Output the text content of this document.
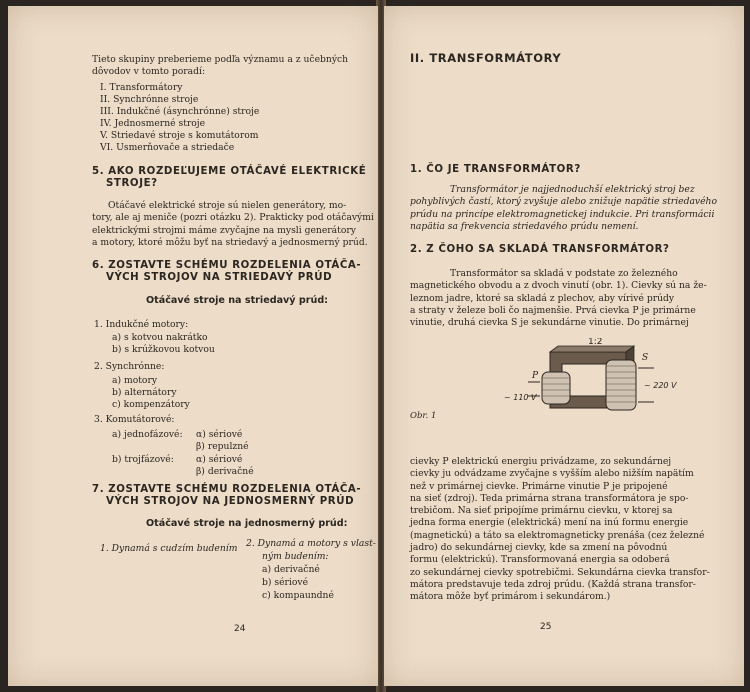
Tieto skupiny preberieme podľa významu a z učebných
dôvodov v tomto poradí:
I. Transformátory
II. Synchrónne stroje
III. Indukčné (ásynchrónne) stroje
IV. Jednosmerné stroje
V. Striedavé stroje s komutátorom
VI. Usmerňovače a striedače
5. AKO ROZDEĽUJEME OTÁČAVÉ ELEKTRICKÉ
STROJE?
Otáčavé elektrické stroje sú nielen generátory, mo-
tory, ale aj meniče (pozri otázku 2). Prakticky pod otáčavými
elektrickými strojmi máme zvyčajne na mysli generátory
a motory, ktoré môžu byť na striedavý a jednosmerný prúd.
6. ZOSTAVTE SCHÉMU ROZDELENIA OTÁČA-
VÝCH STROJOV NA STRIEDAVÝ PRÚD
Otáčavé stroje na striedavý prúd:
1. Indukčné motory:
a) s kotvou nakrátko
b) s krúžkovou kotvou
2. Synchrónne:
a) motory
b) alternátory
c) kompenzátory
3. Komutátorové:
a) jednofázové: α) sériové
β) repulzné
b) trojfázové: α) sériové
β) derivačné
7. ZOSTAVTE SCHÉMU ROZDELENIA OTÁČA-
VÝCH STROJOV NA JEDNOSMERNÝ PRÚD
Otáčavé stroje na jednosmerný prúd:
1. Dynamá s cudzím budením 2. Dynamá a motory s vlast-
ným budením:
a) derivačné
b) sériové
c) kompaundné
24
II. TRANSFORMÁTORY
1. ČO JE TRANSFORMÁTOR?
Transformátor je najjednoduchší elektrický stroj bez
pohyblivých častí, ktorý zvyšuje alebo znižuje napätie striedavého
prúdu na princípe elektromagnetickej indukcie. Pri transformácii
napätia sa frekvencia striedavého prúdu nemení.
2. Z ČOHO SA SKLADÁ TRANSFORMÁTOR?
Transformátor sa skladá v podstate zo železného
magnetického obvodu a z dvoch vinutí (obr. 1). Cievky sú na že-
leznom jadre, ktoré sa skladá z plechov, aby vírivé prúdy
a straty v železe boli čo najmenšie. Prvá cievka P je primárne
vinutie, druhá cievka S je sekundárne vinutie. Do primárnej
1:2
P
S
~ 110 V
~ 220 V
Obr. 1
cievky P elektrickú energiu privádzame, zo sekundárnej
cievky ju odvádzame zvyčajne s vyšším alebo nižším napätím
než v primárnej cievke. Primárne vinutie P je pripojené
na sieť (zdroj). Teda primárna strana transformátora je spo-
trebičom. Na sieť pripojíme primárnu cievku, v ktorej sa
jedna forma energie (elektrická) mení na inú formu energie
(magnetickú) a táto sa elektromagneticky prenáša (cez železné
jadro) do sekundárnej cievky, kde sa zmení na pôvodnú
formu (elektrickú). Transformovaná energia sa odoberá
zo sekundárnej cievky spotrebičmi. Sekundárna cievka transfor-
mátora predstavuje teda zdroj prúdu. (Každá strana transfor-
mátora môže byť primárom i sekundárom.)
25
